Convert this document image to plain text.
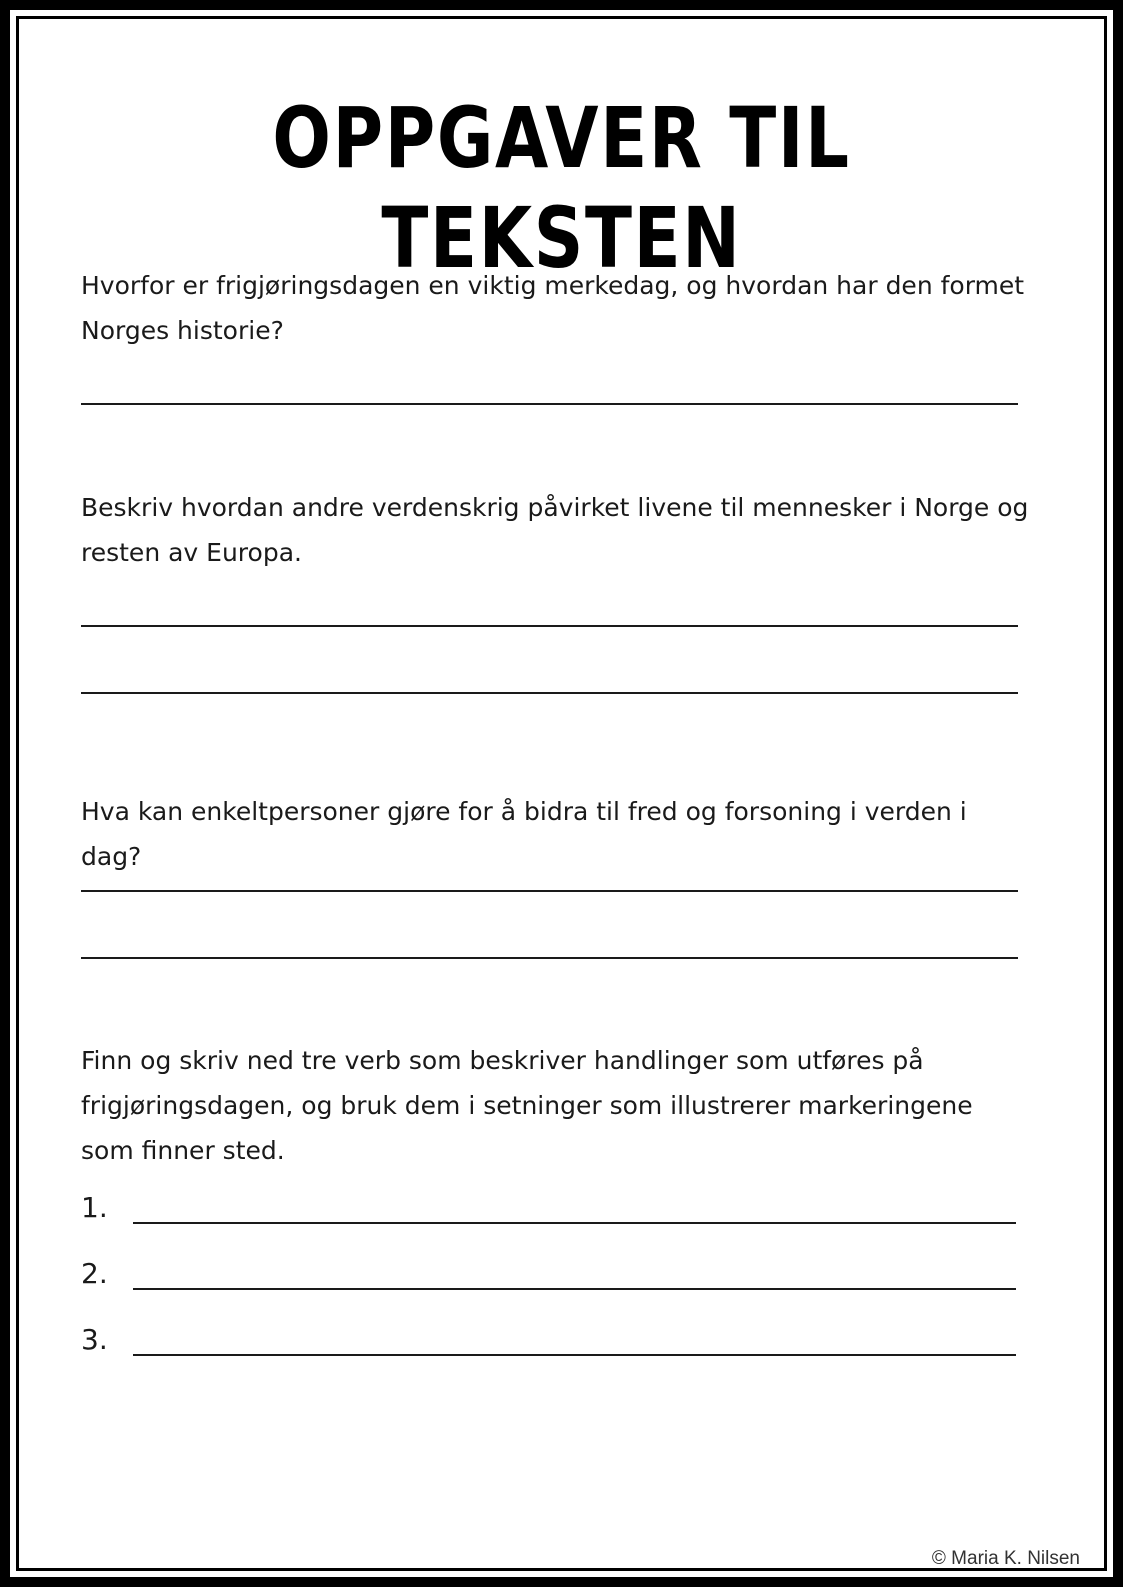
OPPGAVER TIL TEKSTEN
Hvorfor er frigjøringsdagen en viktig merkedag, og hvordan har den formet Norges historie?
Beskriv hvordan andre verdenskrig påvirket livene til mennesker i Norge og resten av Europa.
Hva kan enkeltpersoner gjøre for å bidra til fred og forsoning i verden i dag?
Finn og skriv ned tre verb som beskriver handlinger som utføres på frigjøringsdagen, og bruk dem i setninger som illustrerer markeringene som finner sted.
1.
2.
3.
© Maria K. Nilsen
